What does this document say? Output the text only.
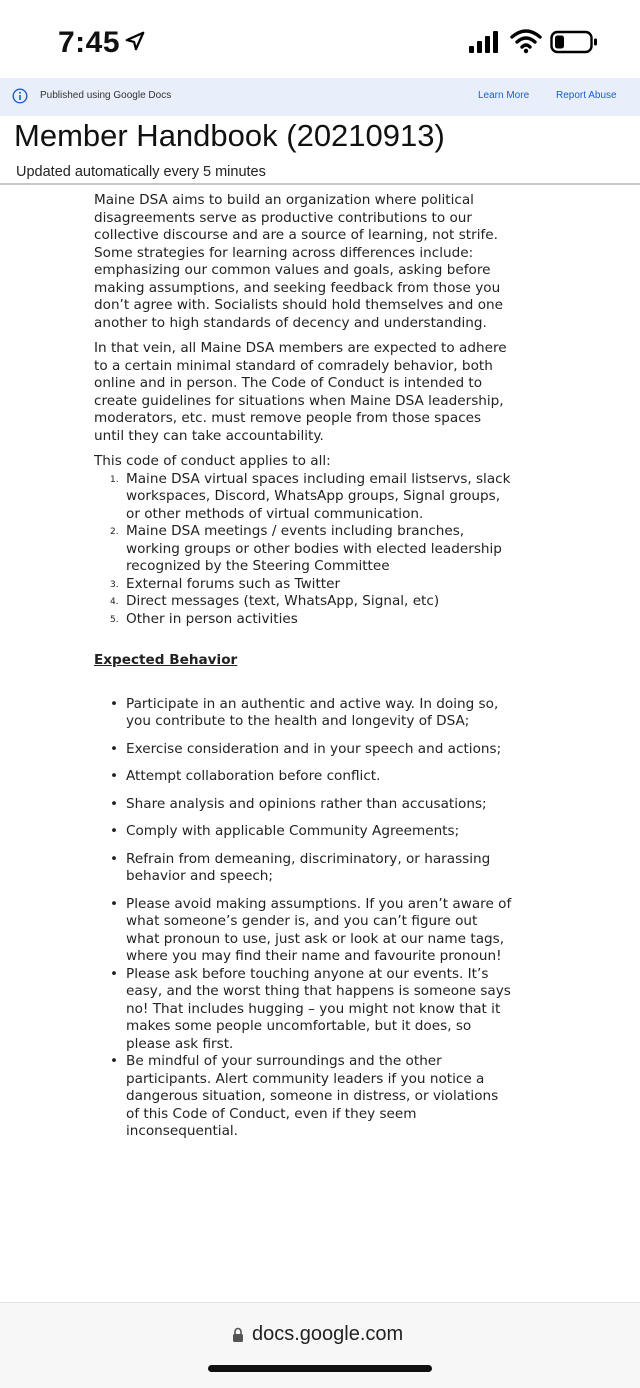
7:45
Published using Google Docs	Learn More	Report Abuse
Member Handbook (20210913)
Updated automatically every 5 minutes

Maine DSA aims to build an organization where political disagreements serve as productive contributions to our collective discourse and are a source of learning, not strife. Some strategies for learning across differences include: emphasizing our common values and goals, asking before making assumptions, and seeking feedback from those you don’t agree with. Socialists should hold themselves and one another to high standards of decency and understanding.

In that vein, all Maine DSA members are expected to adhere to a certain minimal standard of comradely behavior, both online and in person. The Code of Conduct is intended to create guidelines for situations when Maine DSA leadership, moderators, etc. must remove people from those spaces until they can take accountability.

This code of conduct applies to all:
1. Maine DSA virtual spaces including email listservs, slack workspaces, Discord, WhatsApp groups, Signal groups, or other methods of virtual communication.
2. Maine DSA meetings / events including branches, working groups or other bodies with elected leadership recognized by the Steering Committee
3. External forums such as Twitter
4. Direct messages (text, WhatsApp, Signal, etc)
5. Other in person activities
Expected Behavior
• Participate in an authentic and active way. In doing so, you contribute to the health and longevity of DSA;
• Exercise consideration and in your speech and actions;
• Attempt collaboration before conflict.
• Share analysis and opinions rather than accusations;
• Comply with applicable Community Agreements;
• Refrain from demeaning, discriminatory, or harassing behavior and speech;
• Please avoid making assumptions. If you aren’t aware of what someone’s gender is, and you can’t figure out what pronoun to use, just ask or look at our name tags, where you may find their name and favourite pronoun!
• Please ask before touching anyone at our events. It’s easy, and the worst thing that happens is someone says no! That includes hugging – you might not know that it makes some people uncomfortable, but it does, so please ask first.
• Be mindful of your surroundings and the other participants. Alert community leaders if you notice a dangerous situation, someone in distress, or violations of this Code of Conduct, even if they seem inconsequential.
docs.google.com
